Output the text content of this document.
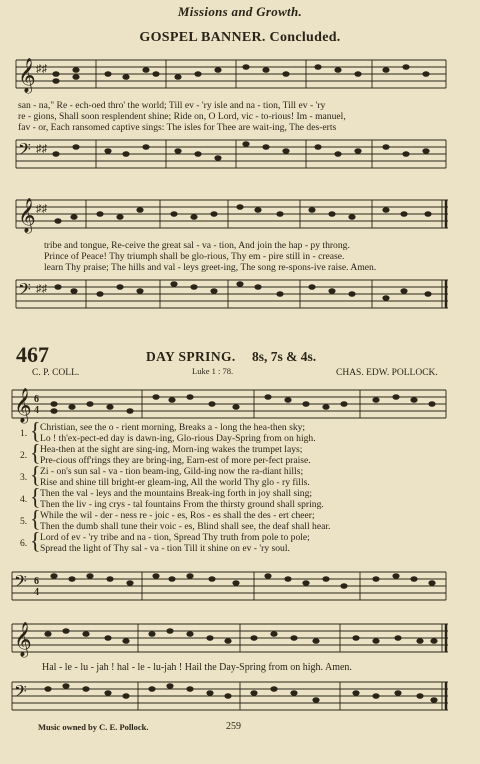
Missions and Growth.
GOSPEL BANNER. Concluded.
𝄞 ♯♯
san - na," Re - ech-oed thro' the world; Till ev - 'ry isle and na - tion, Till ev - 'ry
re - gions, Shall soon resplendent shine; Ride on, O Lord, vic - to-rious! Im - manuel,
fav - or, Each ransomed captive sings: The isles for Thee are wait-ing, The des-erts
𝄢 ♯♯
𝄞 ♯♯
tribe and tongue, Re-ceive the great sal - va - tion, And join the hap - py throng.
Prince of Peace! Thy triumph shall be glo-rious, Thy em - pire still in - crease.
learn Thy praise; The hills and val - leys greet-ing, The song re-spons-ive raise. Amen.
𝄢 ♯♯
467	DAY SPRING. 8s, 7s & 4s.
C. P. COLL.	Luke 1 : 78.	CHAS. EDW. POLLOCK.
𝄞 6
4
1. { Christian, see the o - rient morning, Breaks a - long the hea-then sky;
Lo ! th'ex-pect-ed day is dawn-ing, Glo-rious Day-Spring from on high.
2. { Hea-then at the sight are sing-ing, Morn-ing wakes the trumpet lays;
Pre-cious off'rings they are bring-ing, Earn-est of more per-fect praise.
3. { Zi - on's sun sal - va - tion beam-ing, Gild-ing now the ra-diant hills;
Rise and shine till bright-er gleam-ing, All the world Thy glo - ry fills.
4. { Then the val - leys and the mountains Break-ing forth in joy shall sing;
Then the liv - ing crys - tal fountains From the thirsty ground shall spring.
5. { While the wil - der - ness re - joic - es, Ros - es shall the des - ert cheer;
Then the dumb shall tune their voic - es, Blind shall see, the deaf shall hear.
6. { Lord of ev - 'ry tribe and na - tion, Spread Thy truth from pole to pole;
Spread the light of Thy sal - va - tion Till it shine on ev - 'ry soul.
𝄢 6
4
𝄞
Hal - le - lu - jah ! hal - le - lu-jah ! Hail the Day-Spring from on high. Amen.
𝄢
Music owned by C. E. Pollock.	259
